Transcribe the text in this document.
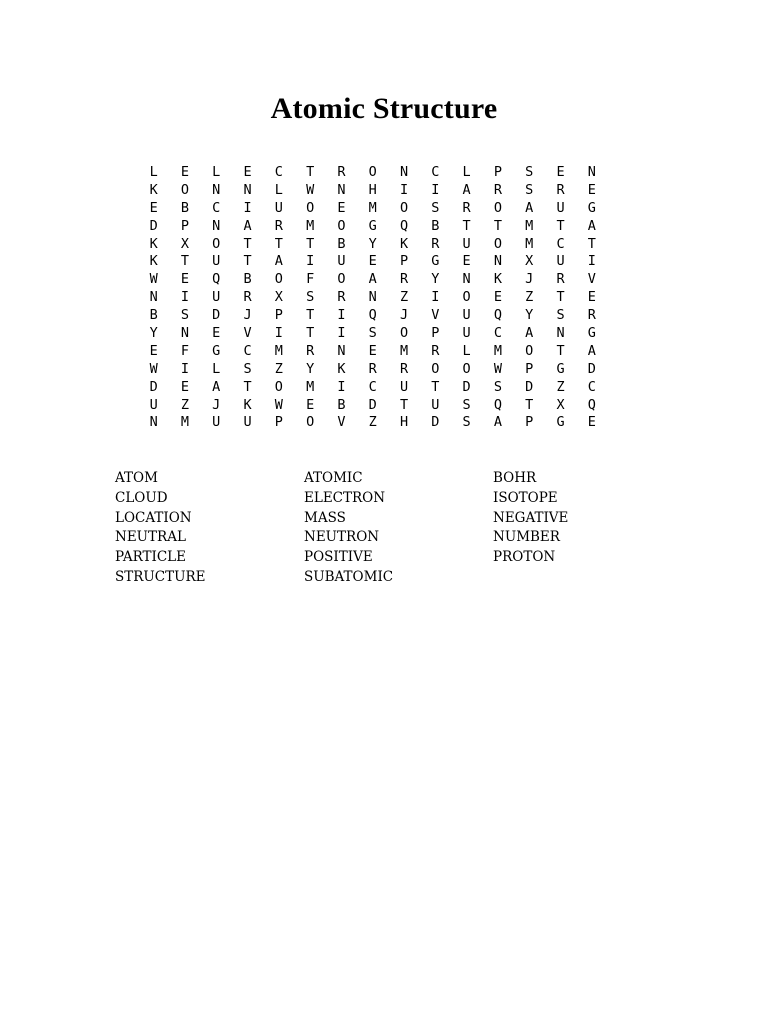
Atomic Structure
L	E	L	E	C	T	R	O	N	C	L	P	S	E	N
K	O	N	N	L	W	N	H	I	I	A	R	S	R	E
E	B	C	I	U	O	E	M	O	S	R	O	A	U	G
D	P	N	A	R	M	O	G	Q	B	T	T	M	T	A
K	X	O	T	T	T	B	Y	K	R	U	O	M	C	T
K	T	U	T	A	I	U	E	P	G	E	N	X	U	I
W	E	Q	B	O	F	O	A	R	Y	N	K	J	R	V
N	I	U	R	X	S	R	N	Z	I	O	E	Z	T	E
B	S	D	J	P	T	I	Q	J	V	U	Q	Y	S	R
Y	N	E	V	I	T	I	S	O	P	U	C	A	N	G
E	F	G	C	M	R	N	E	M	R	L	M	O	T	A
W	I	L	S	Z	Y	K	R	R	O	O	W	P	G	D
D	E	A	T	O	M	I	C	U	T	D	S	D	Z	C
U	Z	J	K	W	E	B	D	T	U	S	Q	T	X	Q
N	M	U	U	P	O	V	Z	H	D	S	A	P	G	E
ATOM	ATOMIC	BOHR
CLOUD	ELECTRON	ISOTOPE
LOCATION	MASS	NEGATIVE
NEUTRAL	NEUTRON	NUMBER
PARTICLE	POSITIVE	PROTON
STRUCTURE	SUBATOMIC
